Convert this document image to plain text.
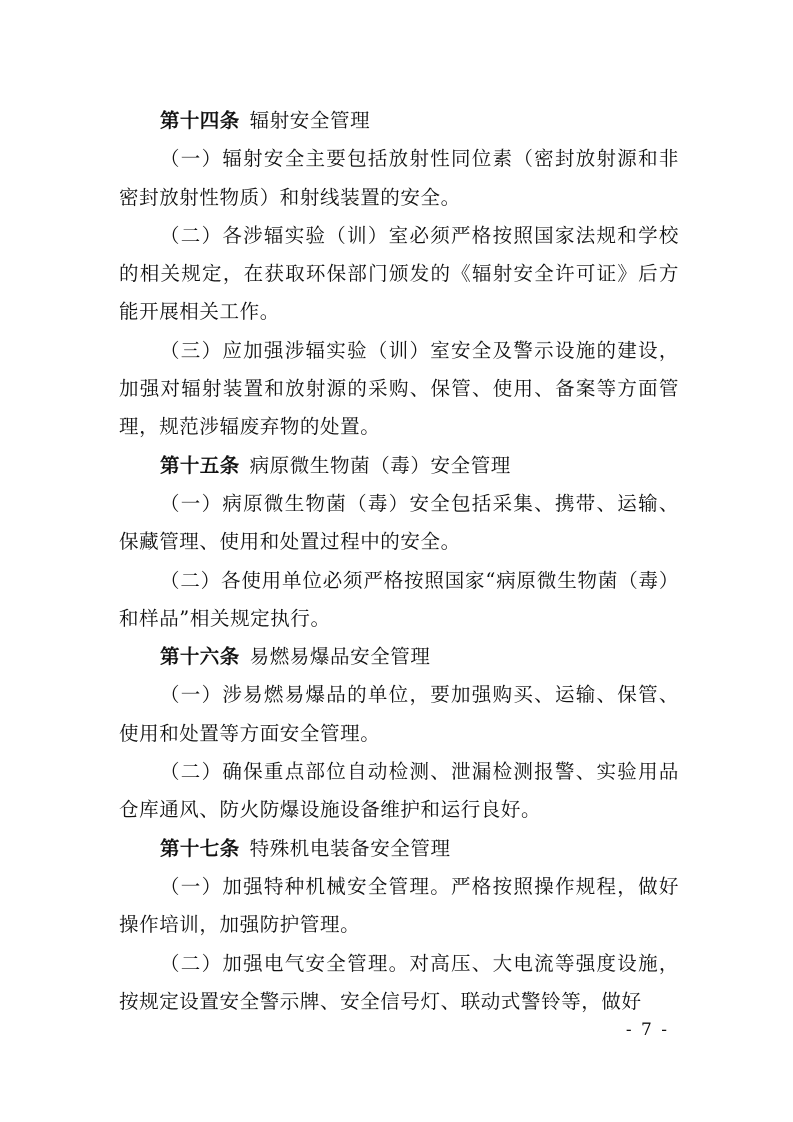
第十四条 辐射安全管理

（一）辐射安全主要包括放射性同位素（密封放射源和非密封放射性物质）和射线装置的安全。

（二）各涉辐实验（训）室必须严格按照国家法规和学校的相关规定，在获取环保部门颁发的《辐射安全许可证》后方能开展相关工作。

（三）应加强涉辐实验（训）室安全及警示设施的建设，加强对辐射装置和放射源的采购、保管、使用、备案等方面管理，规范涉辐废弃物的处置。

第十五条 病原微生物菌（毒）安全管理

（一）病原微生物菌（毒）安全包括采集、携带、运输、保藏管理、使用和处置过程中的安全。

（二）各使用单位必须严格按照国家“病原微生物菌（毒）和样品”相关规定执行。

第十六条 易燃易爆品安全管理

（一）涉易燃易爆品的单位，要加强购买、运输、保管、使用和处置等方面安全管理。

（二）确保重点部位自动检测、泄漏检测报警、实验用品仓库通风、防火防爆设施设备维护和运行良好。

第十七条 特殊机电装备安全管理

（一）加强特种机械安全管理。严格按照操作规程，做好操作培训，加强防护管理。

（二）加强电气安全管理。对高压、大电流等强度设施，按规定设置安全警示牌、安全信号灯、联动式警铃等，做好

- 7 -
